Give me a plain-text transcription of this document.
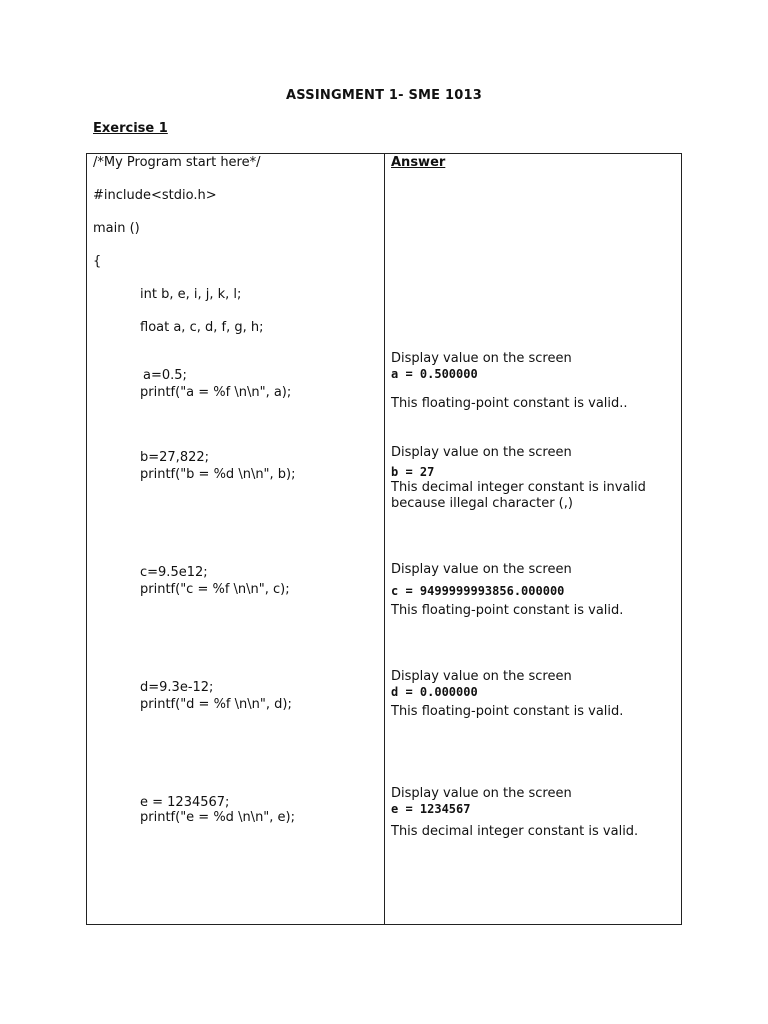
ASSINGMENT 1- SME 1013
Exercise 1
/*My Program start here*/
#include<stdio.h>
main ()
{
int b, e, i, j, k, l;
float a, c, d, f, g, h;
a=0.5;
printf("a = %f \n\n", a);
b=27,822;
printf("b = %d \n\n", b);
c=9.5e12;
printf("c = %f \n\n", c);
d=9.3e-12;
printf("d = %f \n\n", d);
e = 1234567;
printf("e = %d \n\n", e);
Answer
Display value on the screen
a = 0.500000
This floating-point constant is valid..
Display value on the screen
b = 27
This decimal integer constant is invalid
because illegal character (,)
Display value on the screen
c = 9499999993856.000000
This floating-point constant is valid.
Display value on the screen
d = 0.000000
This floating-point constant is valid.
Display value on the screen
e = 1234567
This decimal integer constant is valid.
